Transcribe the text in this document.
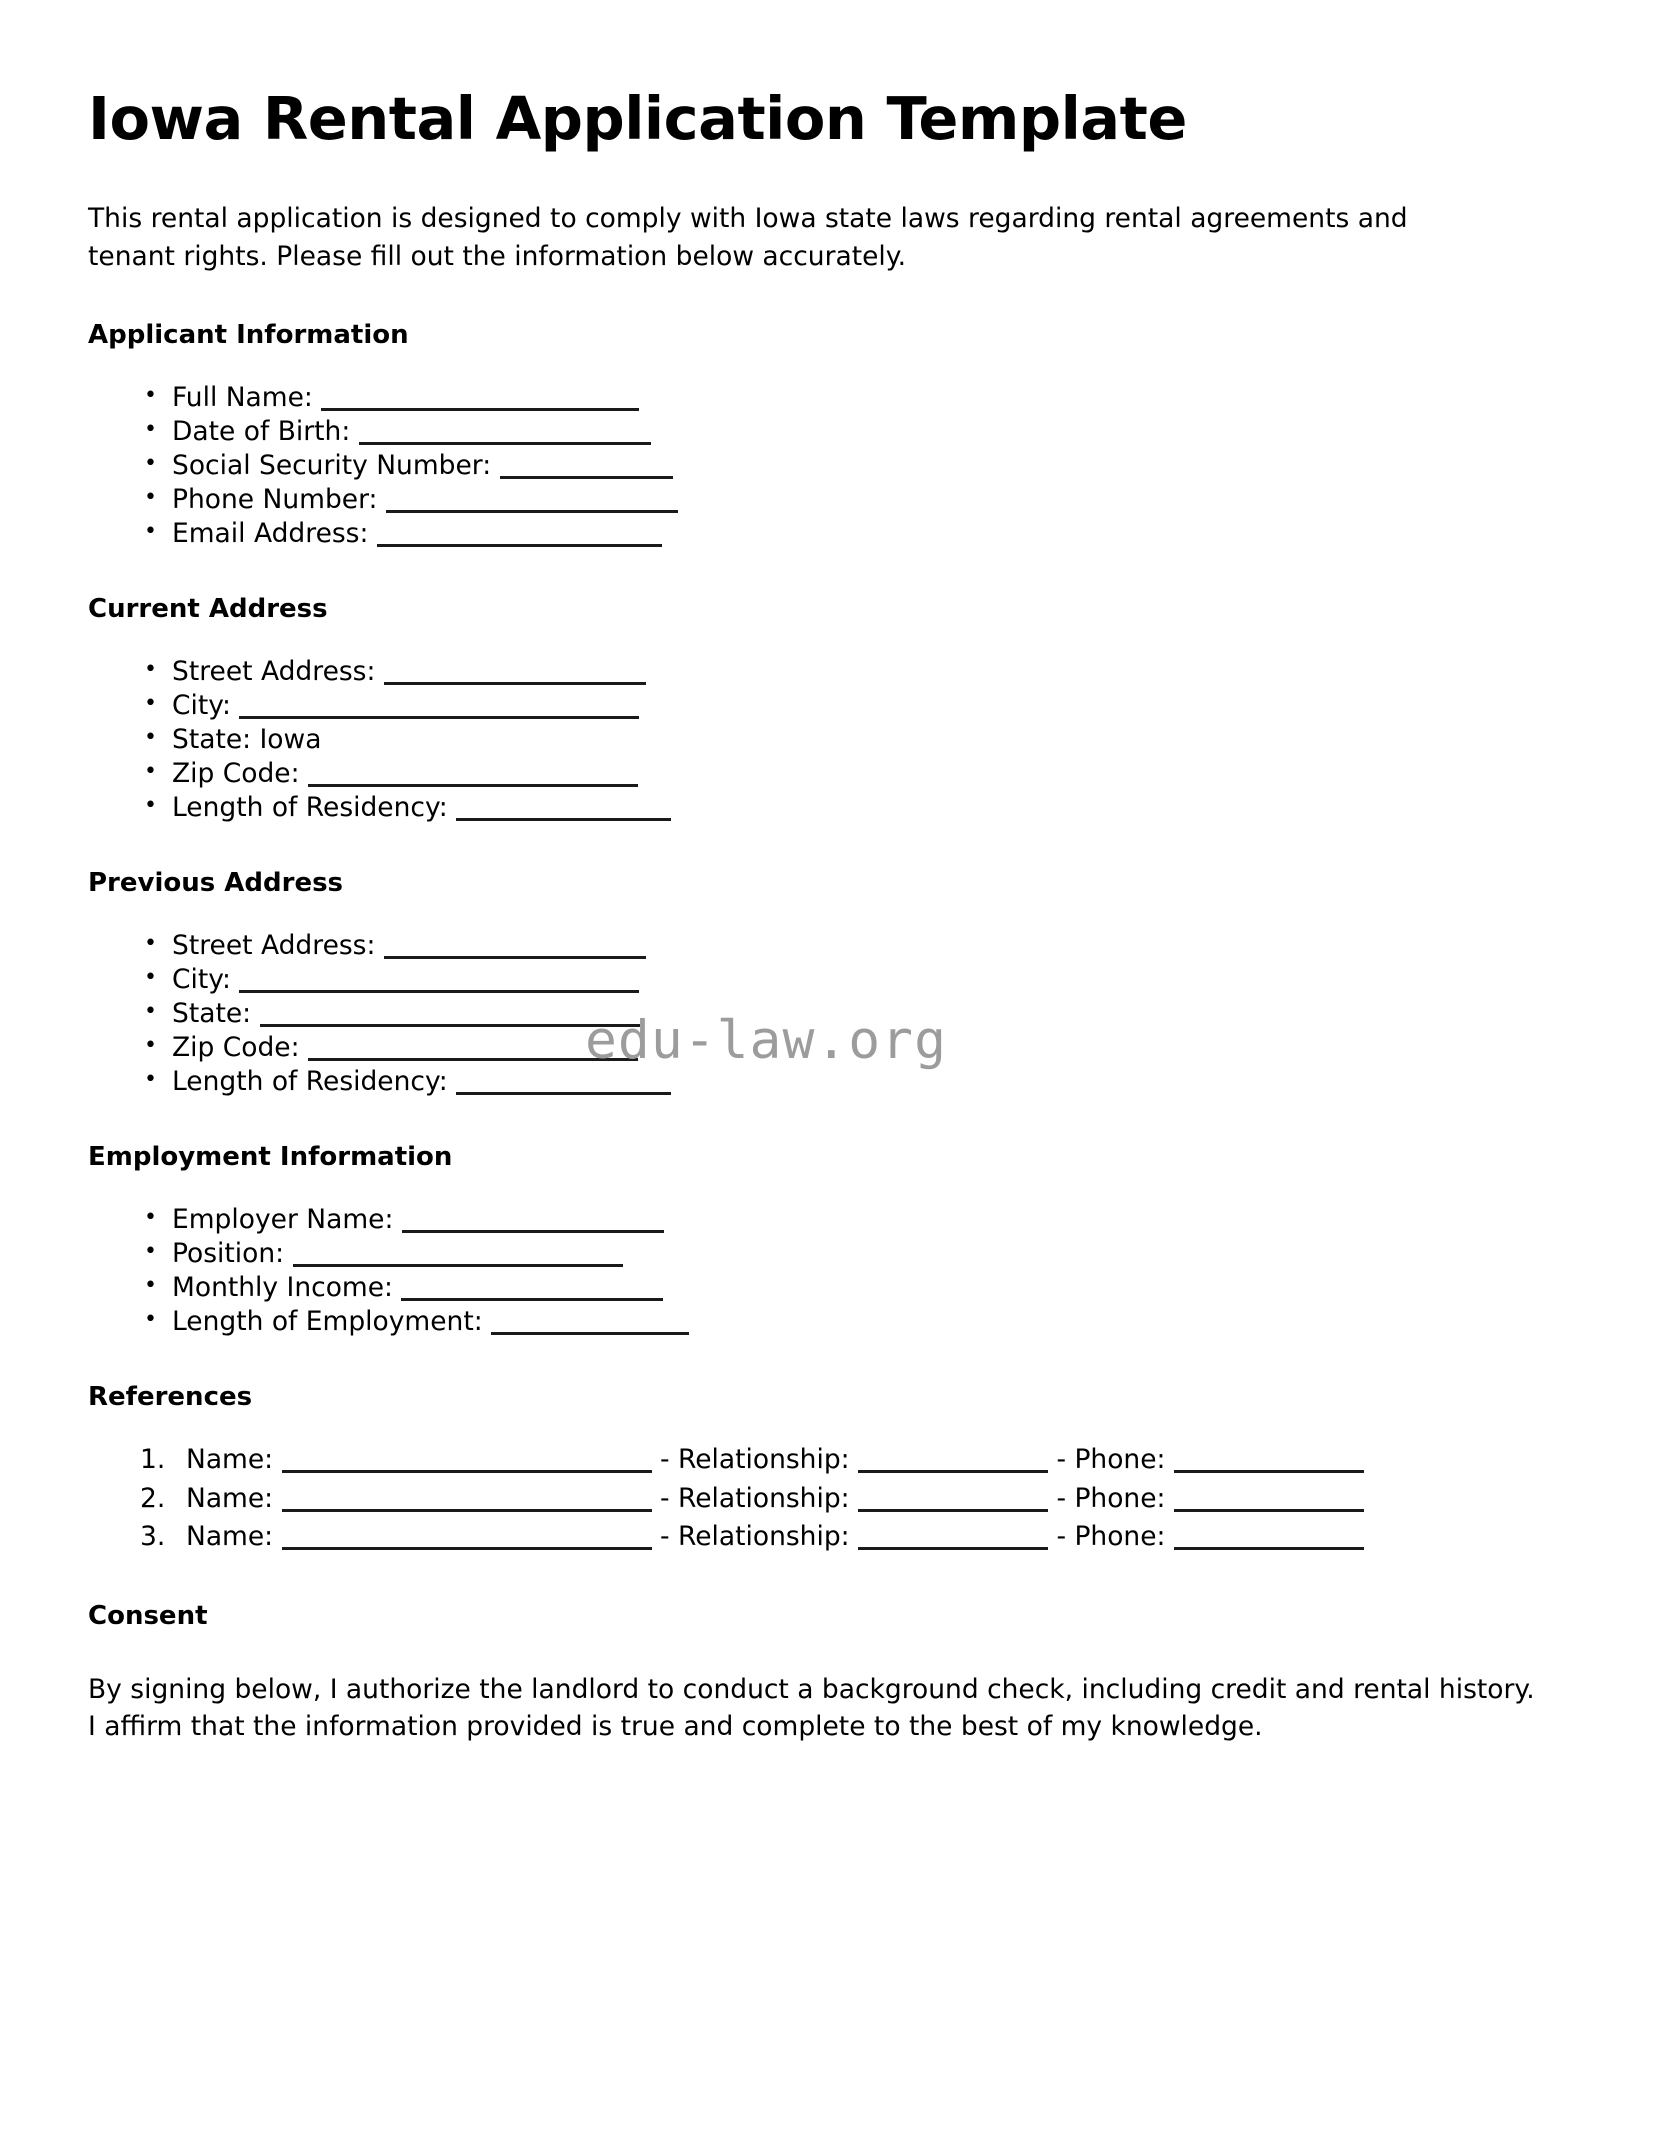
edu-law.org
Iowa Rental Application Template

This rental application is designed to comply with Iowa state laws regarding rental agreements and tenant rights. Please fill out the information below accurately.

Applicant Information
• Full Name:
• Date of Birth:
• Social Security Number:
• Phone Number:
• Email Address:
Current Address
• Street Address:
• City:
• State: Iowa
• Zip Code:
• Length of Residency:
Previous Address
• Street Address:
• City:
• State:
• Zip Code:
• Length of Residency:
Employment Information
• Employer Name:
• Position:
• Monthly Income:
• Length of Employment:
References
Name:	- Relationship:	- Phone:
Name:	- Relationship:	- Phone:
Name:	- Relationship:	- Phone:
Consent

By signing below, I authorize the landlord to conduct a background check, including credit and rental history. I affirm that the information provided is true and complete to the best of my knowledge.
